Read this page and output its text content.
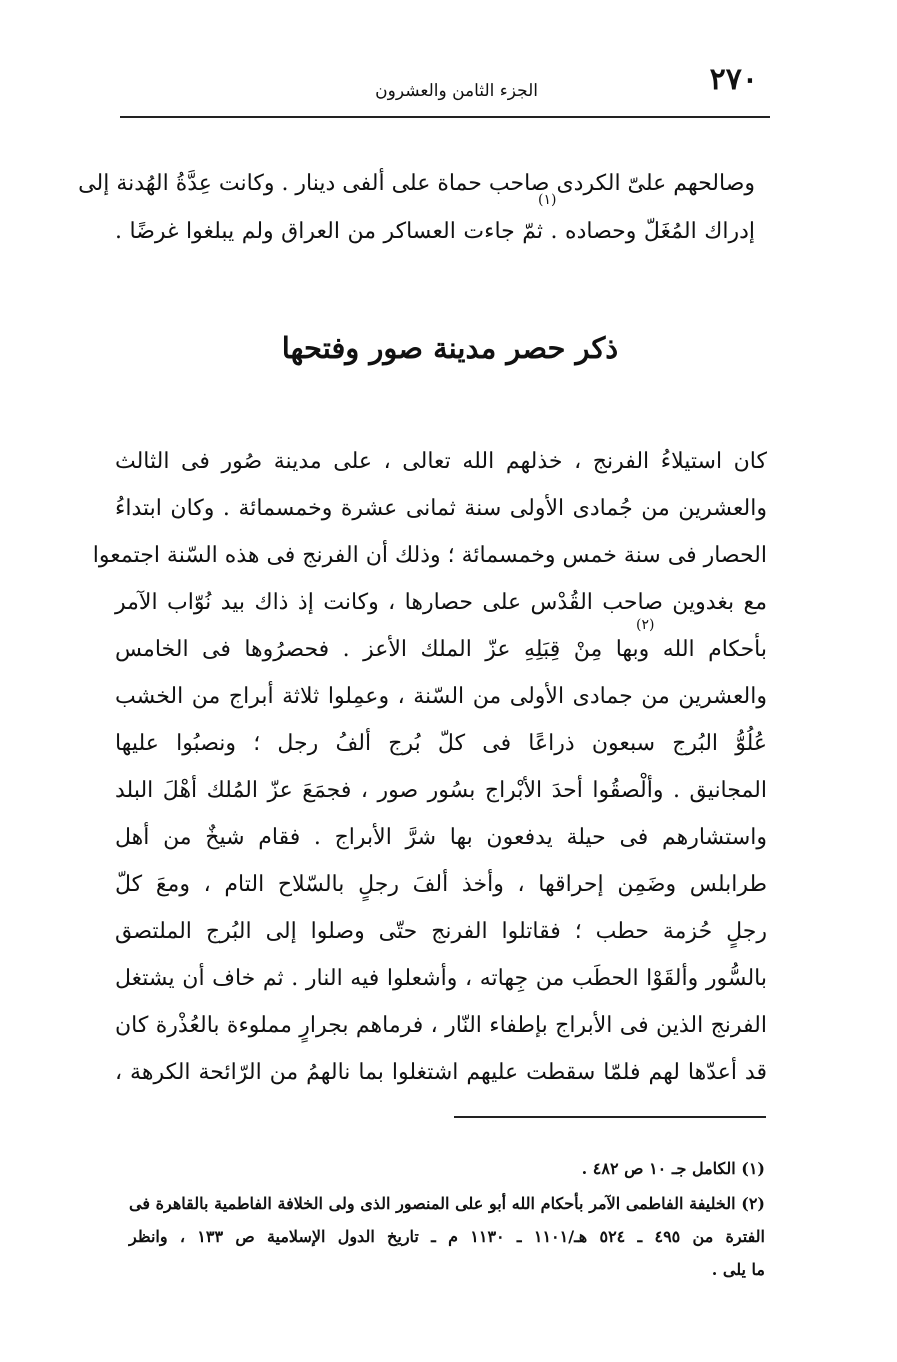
٢٧٠
الجزء الثامن والعشرون
وصالحهم علىّ الكردى صاحب حماة على ألفى دينار . وكانت عِدَّةُ الهُدنة إلى
إدراك المُغَلّ وحصاده . ثمّ جاءت العساكر من العراق ولم يبلغوا غرضًا .
ذكر حصر مدينة صور وفتحها
كان استيلاءُ الفرنج ، خذلهم الله تعالى ، على مدينة صُور فى الثالث
والعشرين من جُمادى الأولى سنة ثمانى عشرة وخمسمائة . وكان ابتداءُ
الحصار فى سنة خمس وخمسمائة ؛ وذلك أن الفرنج فى هذه السّنة اجتمعوا
مع بغدوين صاحب القُدْس على حصارها ، وكانت إذ ذاك بيد نُوّاب الآمر
بأحكام الله وبها مِنْ قِبَلِهِ عزّ الملك الأعز . فحصرُوها فى الخامس
والعشرين من جمادى الأولى من السّنة ، وعمِلوا ثلاثة أبراج من الخشب
عُلُوُّ البُرج سبعون ذراعًا فى كلّ بُرج ألفُ رجل ؛ ونصبُوا عليها
المجانيق . وألْصقُوا أحدَ الأبْراج بسُور صور ، فجمَعَ عزّ المُلك أهْلَ البلد
واستشارهم فى حيلة يدفعون بها شرَّ الأبراج . فقام شيخٌ من أهل
طرابلس وضَمِن إحراقها ، وأخذ ألفَ رجلٍ بالسّلاح التام ، ومعَ كلّ
رجلٍ حُزمة حطب ؛ فقاتلوا الفرنج حتّى وصلوا إلى البُرج الملتصق
بالسُّور وألقَوْا الحطَب من جِهاته ، وأشعلوا فيه النار . ثم خاف أن يشتغل
الفرنج الذين فى الأبراج بإطفاء النّار ، فرماهم بجرارٍ مملوءة بالعُذْرة كان
قد أعدّها لهم فلمّا سقطت عليهم اشتغلوا بما نالهمُ من الرّائحة الكرهة ،
(١)
(٢)
(١) الكامل جـ ١٠ ص ٤٨٢ .
(٢) الخليفة الفاطمى الآمر بأحكام الله أبو على المنصور الذى ولى الخلافة الفاطمية بالقاهرة فى
الفترة من ٤٩٥ ـ ٥٢٤ هـ/١١٠١ ـ ١١٣٠ م ـ تاريخ الدول الإسلامية ص ١٣٣ ، وانظر
ما يلى .
